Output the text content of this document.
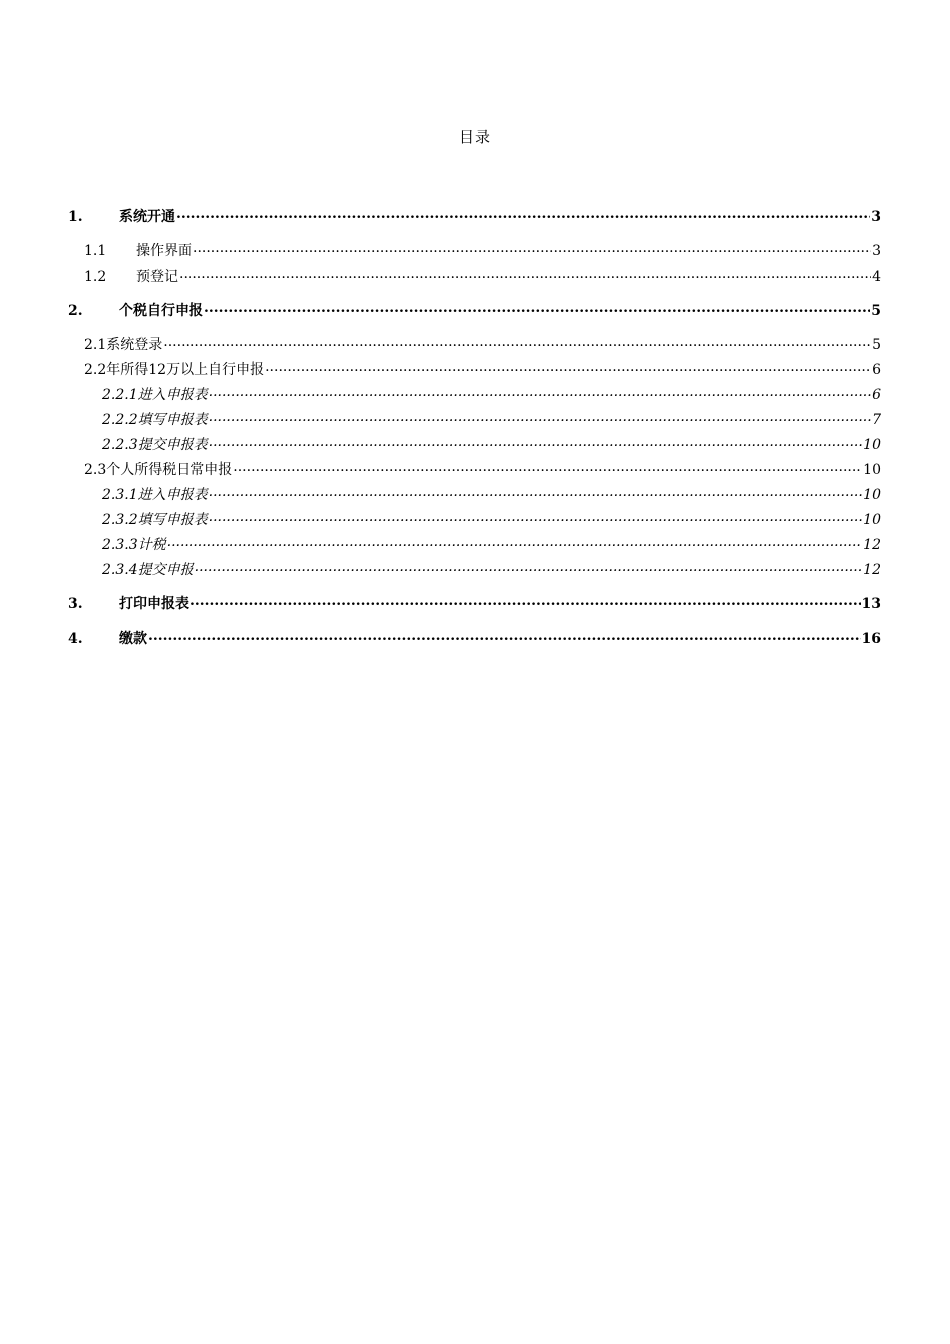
目录
1.	系统开通 .....	3
1.1	操作界面 .....	3
1.2	预登记 .....	4
2.	个税自行申报 .....	5
2.1系统登录 .....	5
2.2年所得12万以上自行申报 .....	6
2.2.1进入申报表 .....	6
2.2.2填写申报表 .....	7
2.2.3提交申报表 .....	10
2.3个人所得税日常申报 .....	10
2.3.1进入申报表 .....	10
2.3.2填写申报表 .....	10
2.3.3计税 .....	12
2.3.4提交申报 .....	12
3.	打印申报表 .....	13
4.	缴款 .....	16
